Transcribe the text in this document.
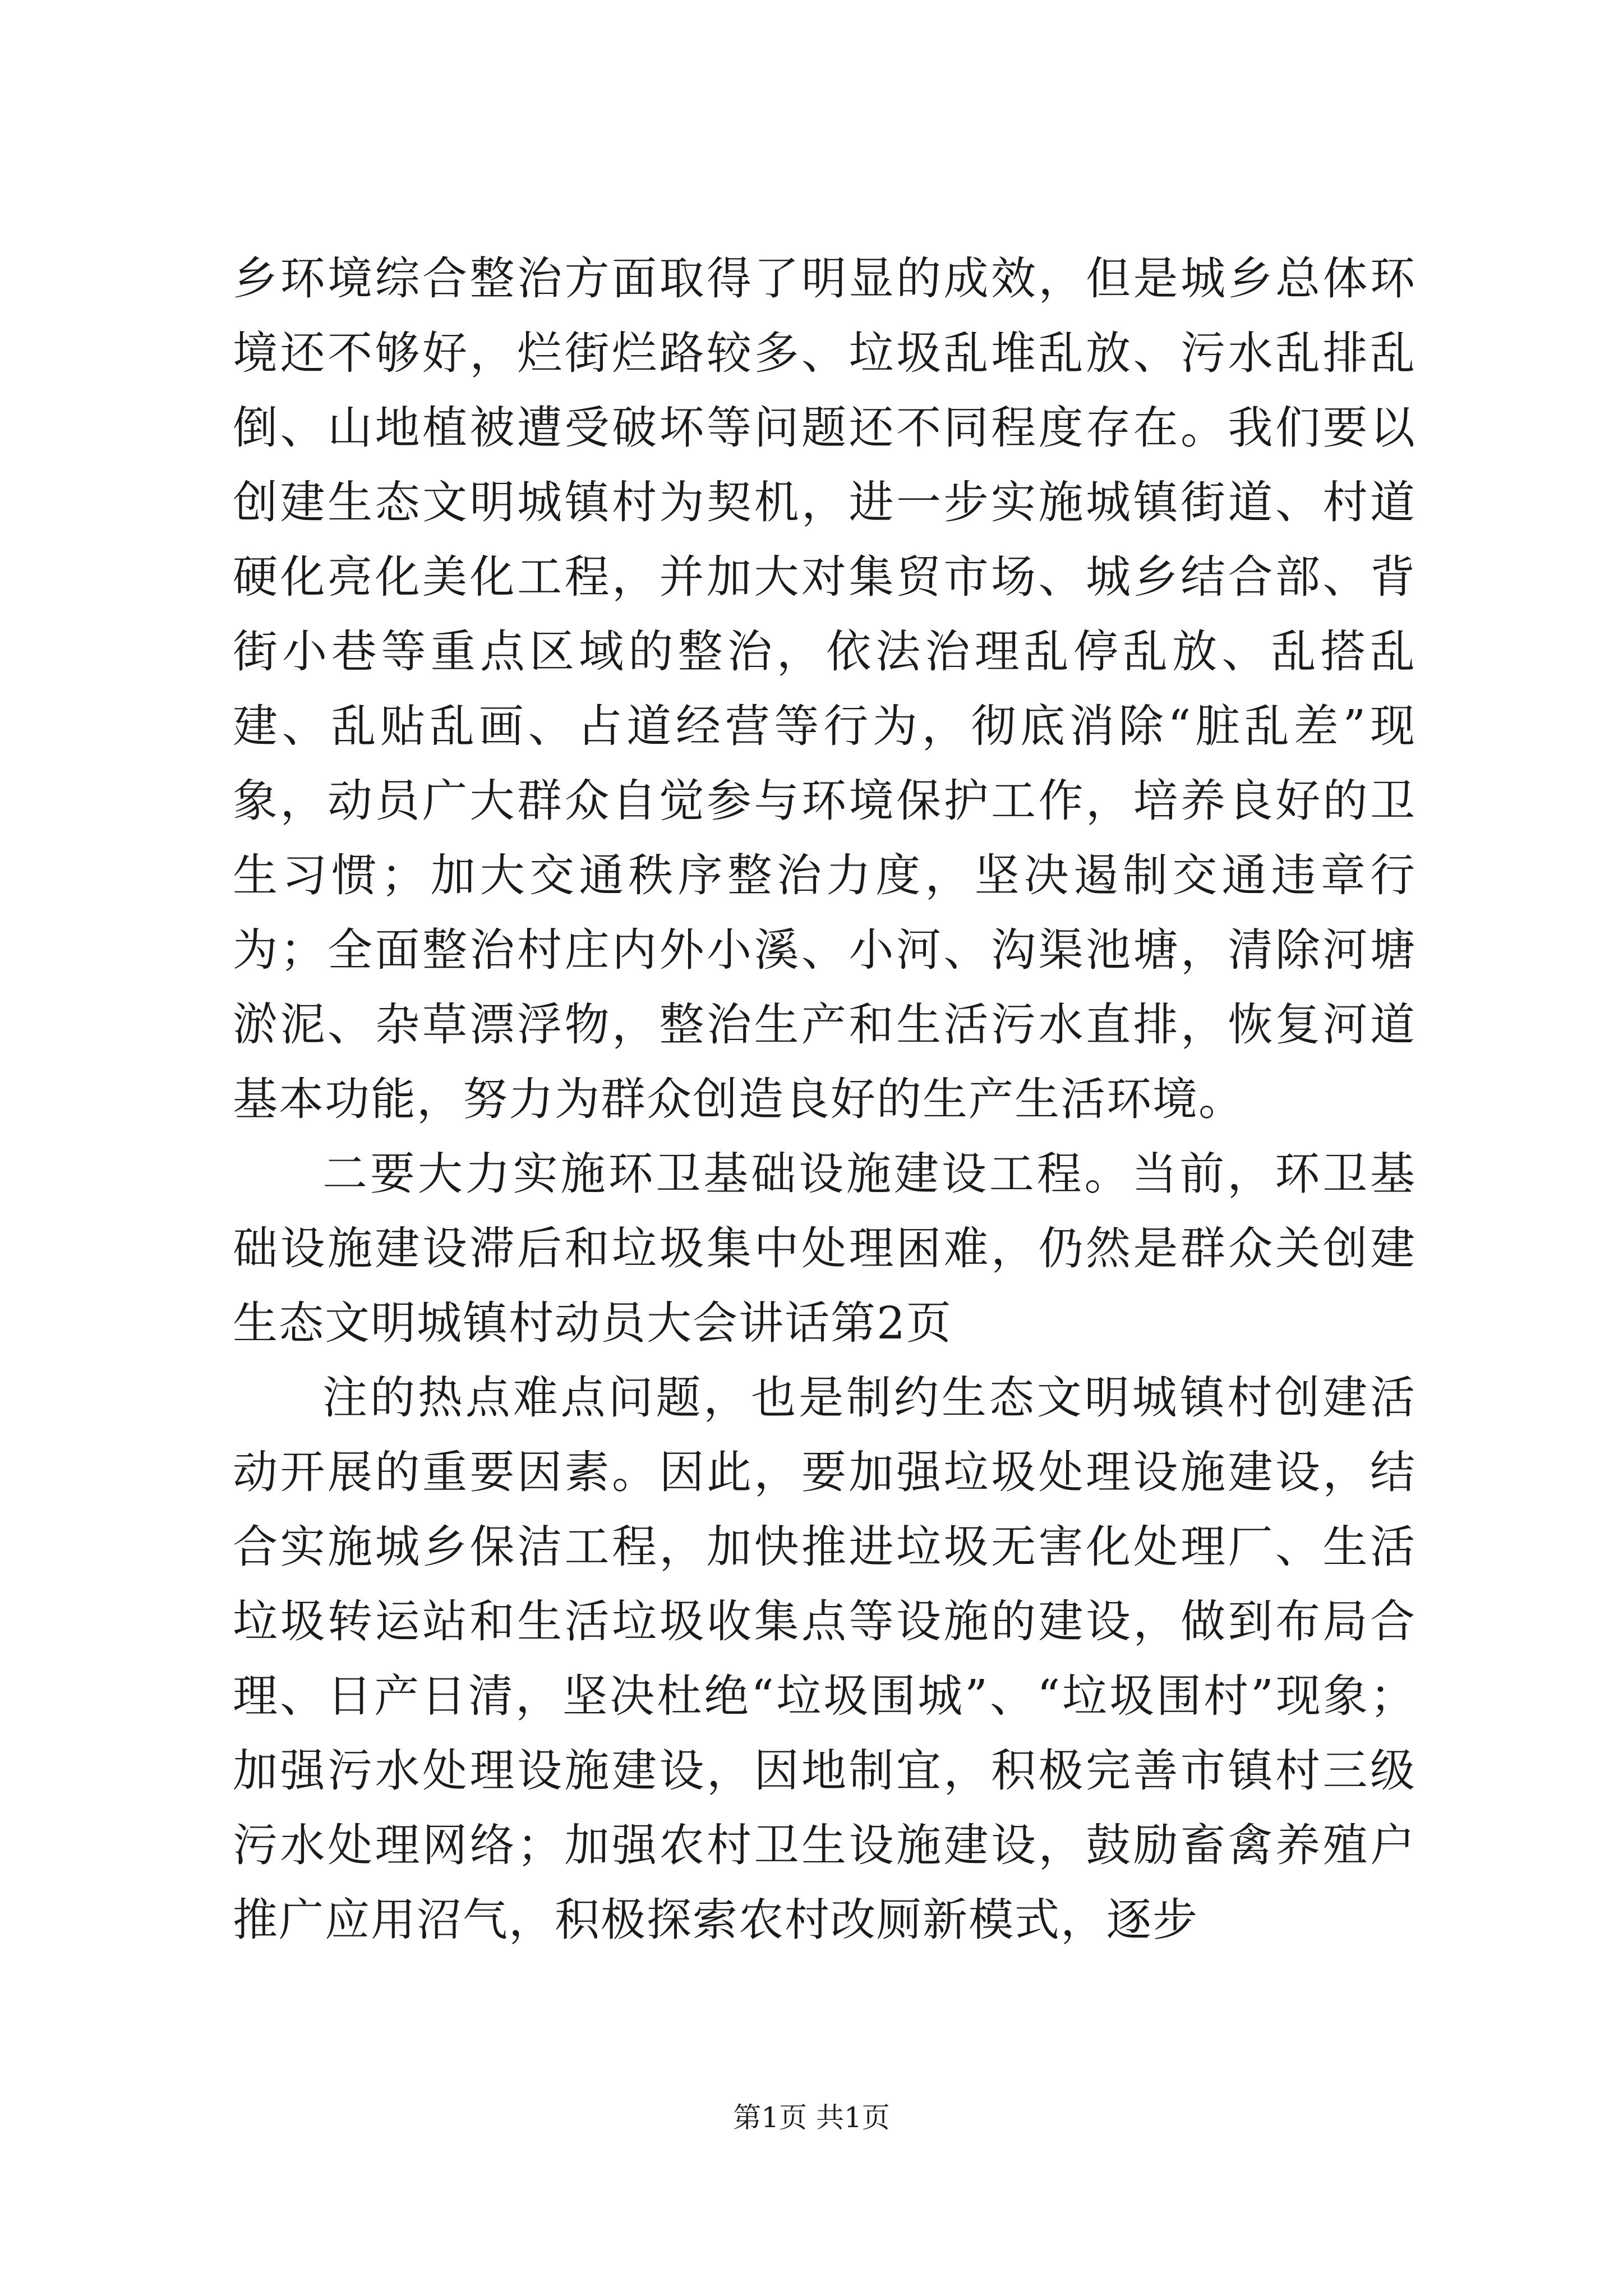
乡环境综合整治方面取得了明显的成效，但是城乡总体环境还不够好，烂街烂路较多、垃圾乱堆乱放、污水乱排乱倒、山地植被遭受破坏等问题还不同程度存在。我们要以创建生态文明城镇村为契机，进一步实施城镇街道、村道硬化亮化美化工程，并加大对集贸市场、城乡结合部、背街小巷等重点区域的整治，依法治理乱停乱放、乱搭乱建、乱贴乱画、占道经营等行为，彻底消除“脏乱差”现象，动员广大群众自觉参与环境保护工作，培养良好的卫生习惯；加大交通秩序整治力度，坚决遏制交通违章行为；全面整治村庄内外小溪、小河、沟渠池塘，清除河塘淤泥、杂草漂浮物，整治生产和生活污水直排，恢复河道基本功能，努力为群众创造良好的生产生活环境。

二要大力实施环卫基础设施建设工程。当前，环卫基础设施建设滞后和垃圾集中处理困难，仍然是群众关创建生态文明城镇村动员大会讲话第2页

注的热点难点问题，也是制约生态文明城镇村创建活动开展的重要因素。因此，要加强垃圾处理设施建设，结合实施城乡保洁工程，加快推进垃圾无害化处理厂、生活垃圾转运站和生活垃圾收集点等设施的建设，做到布局合理、日产日清，坚决杜绝“垃圾围城”、“垃圾围村”现象；加强污水处理设施建设，因地制宜，积极完善市镇村三级污水处理网络；加强农村卫生设施建设，鼓励畜禽养殖户推广应用沼气，积极探索农村改厕新模式，逐步

第1页 共1页
